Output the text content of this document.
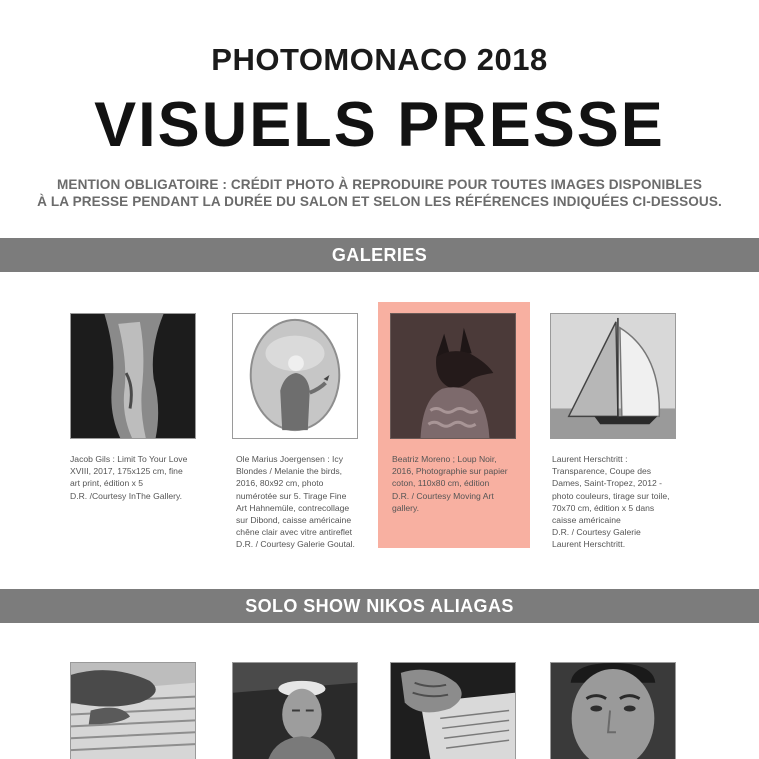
PHOTOMONACO 2018
VISUELS PRESSE
MENTION OBLIGATOIRE : CRÉDIT PHOTO À REPRODUIRE POUR TOUTES IMAGES DISPONIBLES
À LA PRESSE PENDANT LA DURÉE DU SALON ET SELON LES RÉFÉRENCES INDIQUÉES CI-DESSOUS.
GALERIES
Jacob Gils : Limit To Your Love
XVIII, 2017, 175x125 cm, fine
art print, édition x 5
D.R. /Courtesy InThe Gallery.
Ole Marius Joergensen : Icy
Blondes / Melanie the birds,
2016, 80x92 cm, photo
numérotée sur 5. Tirage Fine
Art Hahnemüle, contrecollage
sur Dibond, caisse américaine
chêne clair avec vitre antireflet
D.R. / Courtesy Galerie Goutal.
Beatriz Moreno ; Loup Noir,
2016, Photographie sur papier
coton, 110x80 cm, édition
D.R. / Courtesy Moving Art
gallery.
Laurent Herschtritt :
Transparence, Coupe des
Dames, Saint-Tropez, 2012 -
photo couleurs, tirage sur toile,
70x70 cm, édition x 5 dans
caisse américaine
D.R. / Courtesy Galerie
Laurent Herschtritt.
SOLO SHOW NIKOS ALIAGAS
